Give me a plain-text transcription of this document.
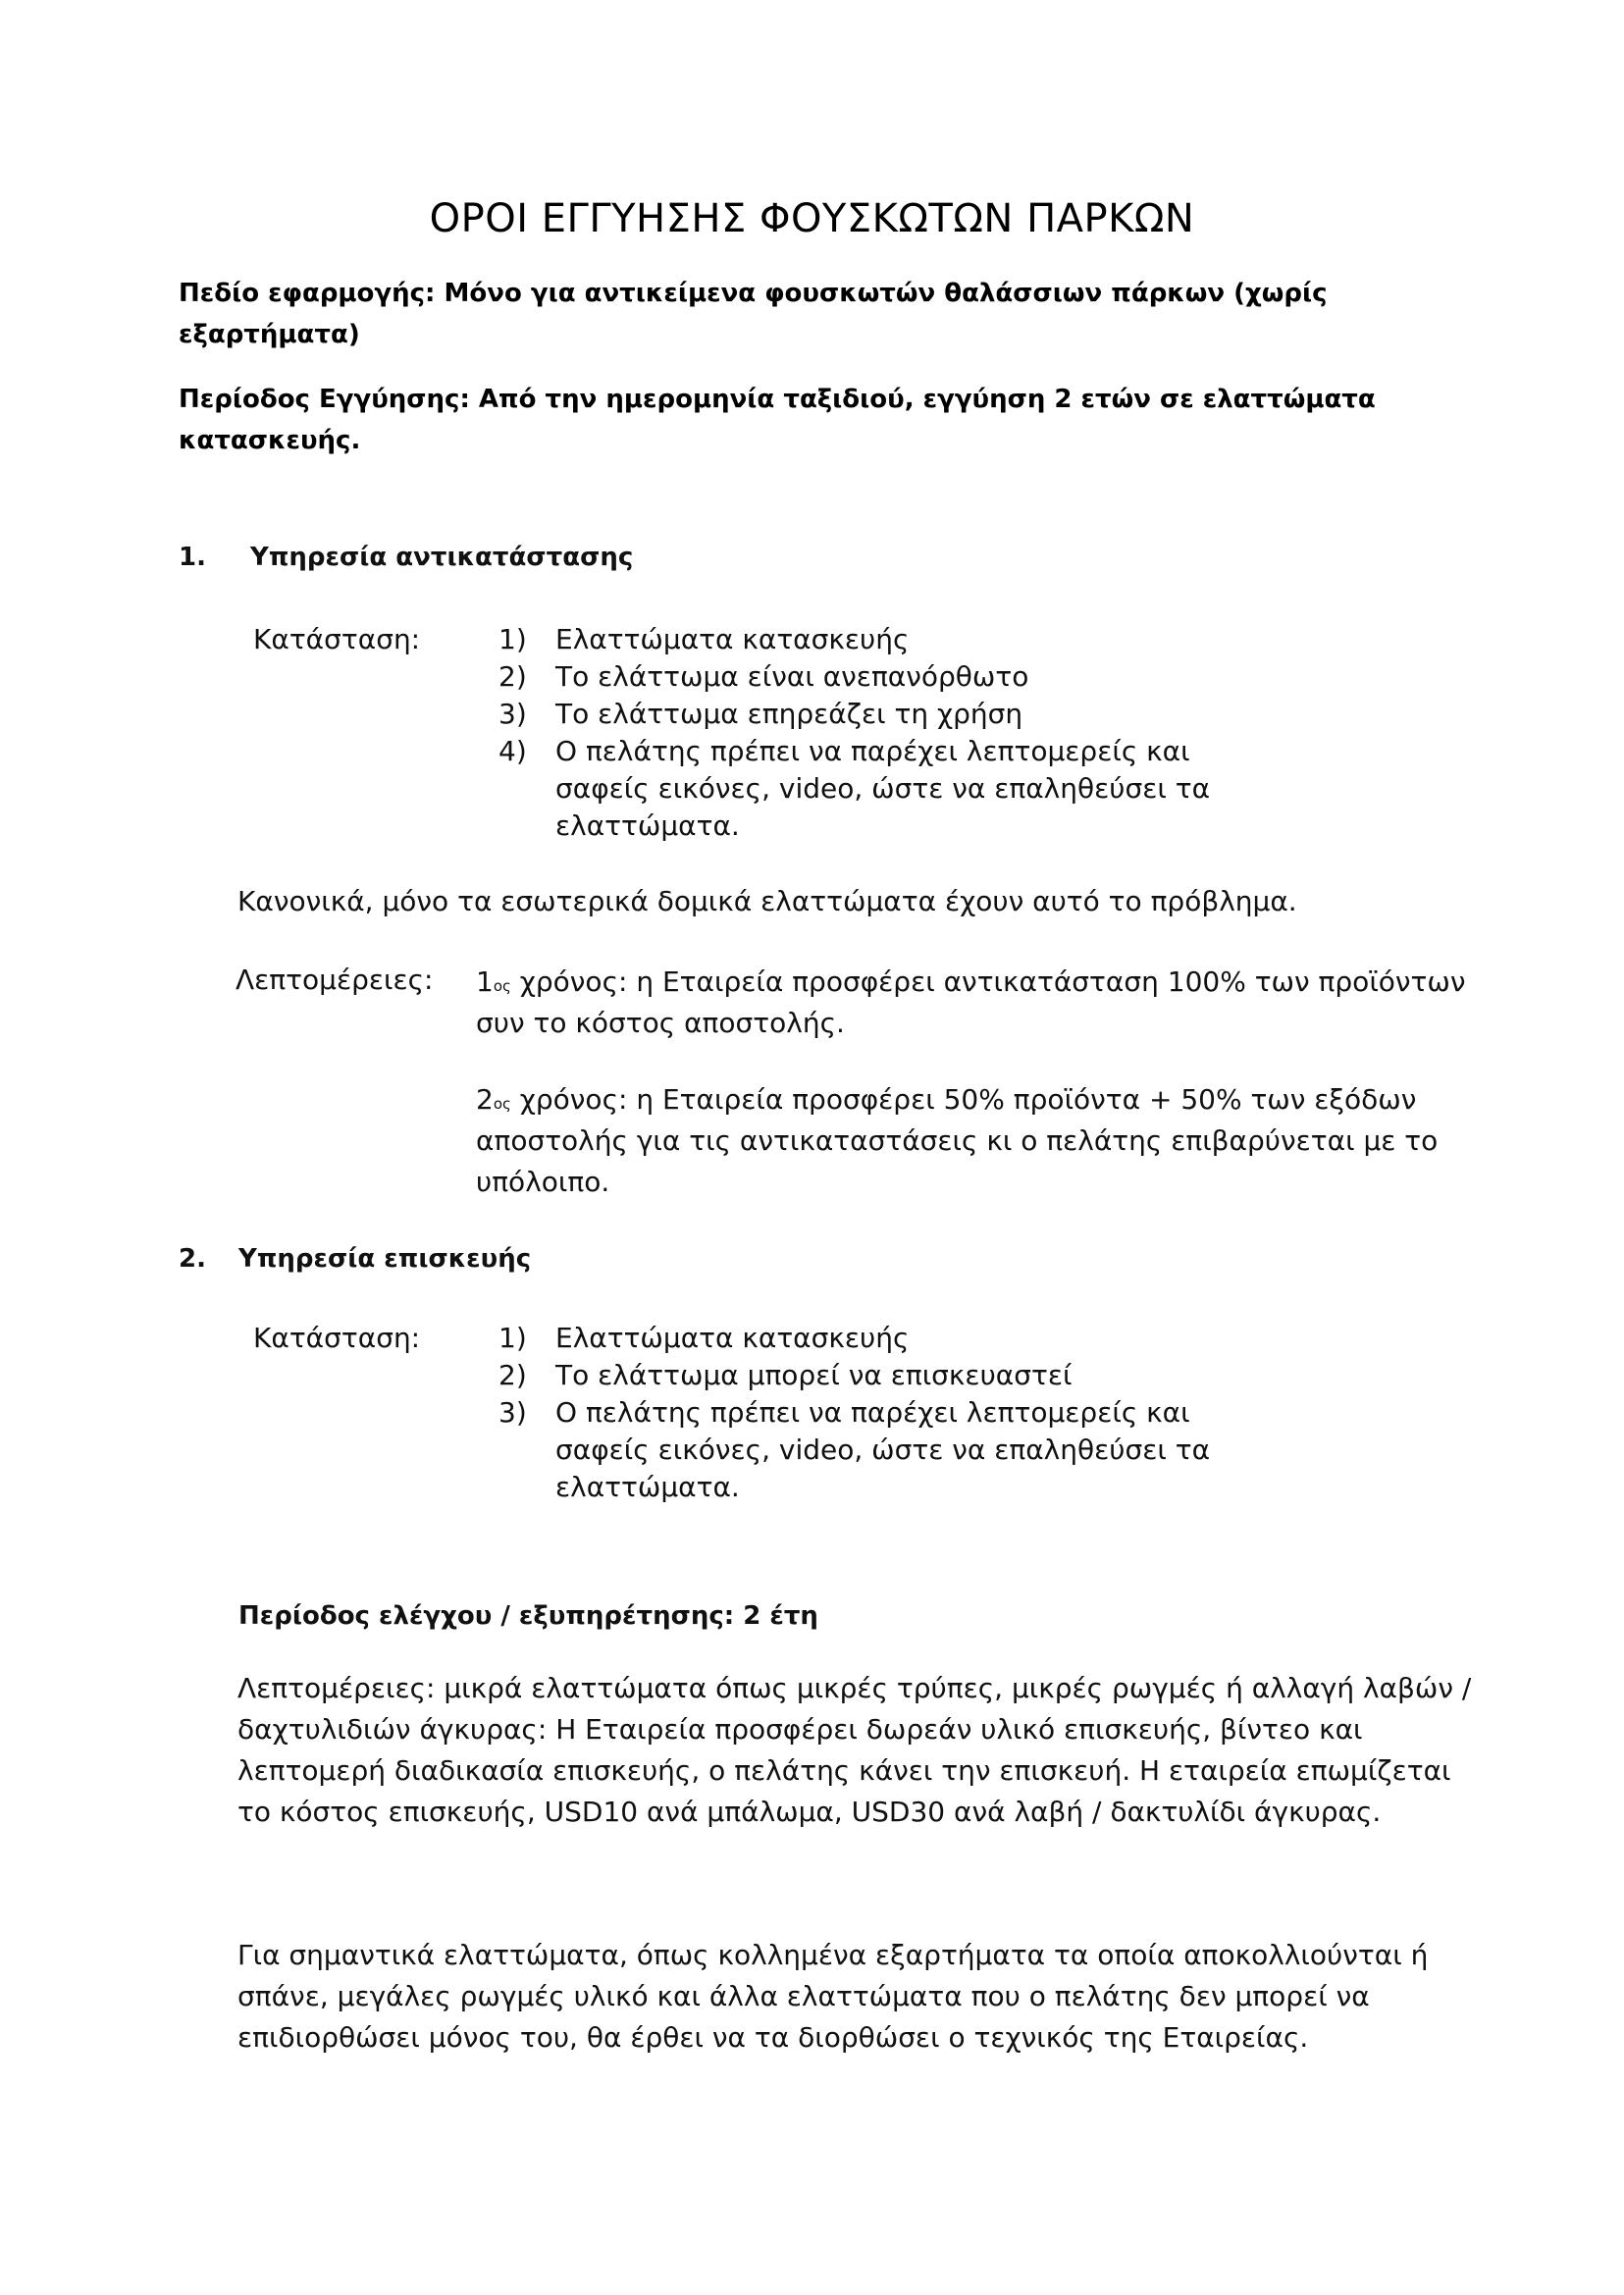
ΟΡΟΙ ΕΓΓΥΗΣΗΣ ΦΟΥΣΚΩΤΩΝ ΠΑΡΚΩΝ
Πεδίο εφαρμογής: Μόνο για αντικείμενα φουσκωτών θαλάσσιων πάρκων (χωρίς εξαρτήματα)
Περίοδος Εγγύησης: Από την ημερομηνία ταξιδιού, εγγύηση 2 ετών σε ελαττώματα κατασκευής.
1. Υπηρεσία αντικατάστασης
Κατάσταση:	1) Ελαττώματα κατασκευής
2) Το ελάττωμα είναι ανεπανόρθωτο
3) Το ελάττωμα επηρεάζει τη χρήση
4) Ο πελάτης πρέπει να παρέχει λεπτομερείς και σαφείς εικόνες, video, ώστε να επαληθεύσει τα ελαττώματα.
Κανονικά, μόνο τα εσωτερικά δομικά ελαττώματα έχουν αυτό το πρόβλημα.
Λεπτομέρειες: $1^{o\varsigma}$ χρόνος: η Εταιρεία προσφέρει αντικατάσταση 100% των προϊόντων συν το κόστος αποστολής.
$2^{o\varsigma}$ χρόνος: η Εταιρεία προσφέρει 50% προϊόντα + 50% των εξόδων αποστολής για τις αντικαταστάσεις κι ο πελάτης επιβαρύνεται με το υπόλοιπο.
2. Υπηρεσία επισκευής
Κατάσταση:	1) Ελαττώματα κατασκευής
2) Το ελάττωμα μπορεί να επισκευαστεί
3) Ο πελάτης πρέπει να παρέχει λεπτομερείς και σαφείς εικόνες, video, ώστε να επαληθεύσει τα ελαττώματα.
Περίοδος ελέγχου / εξυπηρέτησης: 2 έτη
Λεπτομέρειες: μικρά ελαττώματα όπως μικρές τρύπες, μικρές ρωγμές ή αλλαγή λαβών / δαχτυλιδιών άγκυρας: Η Εταιρεία προσφέρει δωρεάν υλικό επισκευής, βίντεο και λεπτομερή διαδικασία επισκευής, ο πελάτης κάνει την επισκευή. Η εταιρεία επωμίζεται το κόστος επισκευής, USD10 ανά μπάλωμα, USD30 ανά λαβή / δακτυλίδι άγκυρας.
Για σημαντικά ελαττώματα, όπως κολλημένα εξαρτήματα τα οποία αποκολλιούνται ή σπάνε, μεγάλες ρωγμές υλικό και άλλα ελαττώματα που ο πελάτης δεν μπορεί να επιδιορθώσει μόνος του, θα έρθει να τα διορθώσει ο τεχνικός της Εταιρείας.
